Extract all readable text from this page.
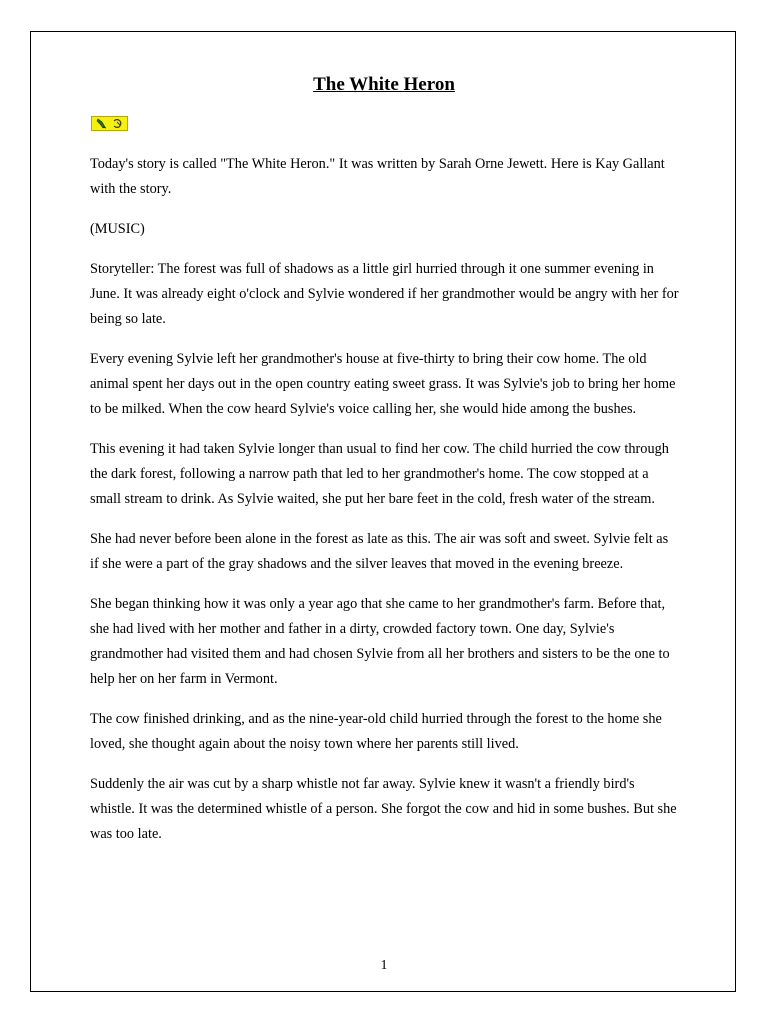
The White Heron

Today's story is called "The White Heron." It was written by Sarah Orne Jewett. Here is Kay Gallant with the story.

(MUSIC)

Storyteller: The forest was full of shadows as a little girl hurried through it one summer evening in June. It was already eight o'clock and Sylvie wondered if her grandmother would be angry with her for being so late.

Every evening Sylvie left her grandmother's house at five-thirty to bring their cow home. The old animal spent her days out in the open country eating sweet grass. It was Sylvie's job to bring her home to be milked. When the cow heard Sylvie's voice calling her, she would hide among the bushes.

This evening it had taken Sylvie longer than usual to find her cow. The child hurried the cow through the dark forest, following a narrow path that led to her grandmother's home. The cow stopped at a small stream to drink. As Sylvie waited, she put her bare feet in the cold, fresh water of the stream.

She had never before been alone in the forest as late as this. The air was soft and sweet. Sylvie felt as if she were a part of the gray shadows and the silver leaves that moved in the evening breeze.

She began thinking how it was only a year ago that she came to her grandmother's farm. Before that, she had lived with her mother and father in a dirty, crowded factory town. One day, Sylvie's grandmother had visited them and had chosen Sylvie from all her brothers and sisters to be the one to help her on her farm in Vermont.

The cow finished drinking, and as the nine-year-old child hurried through the forest to the home she loved, she thought again about the noisy town where her parents still lived.

Suddenly the air was cut by a sharp whistle not far away. Sylvie knew it wasn't a friendly bird's whistle. It was the determined whistle of a person. She forgot the cow and hid in some bushes. But she was too late.

1
